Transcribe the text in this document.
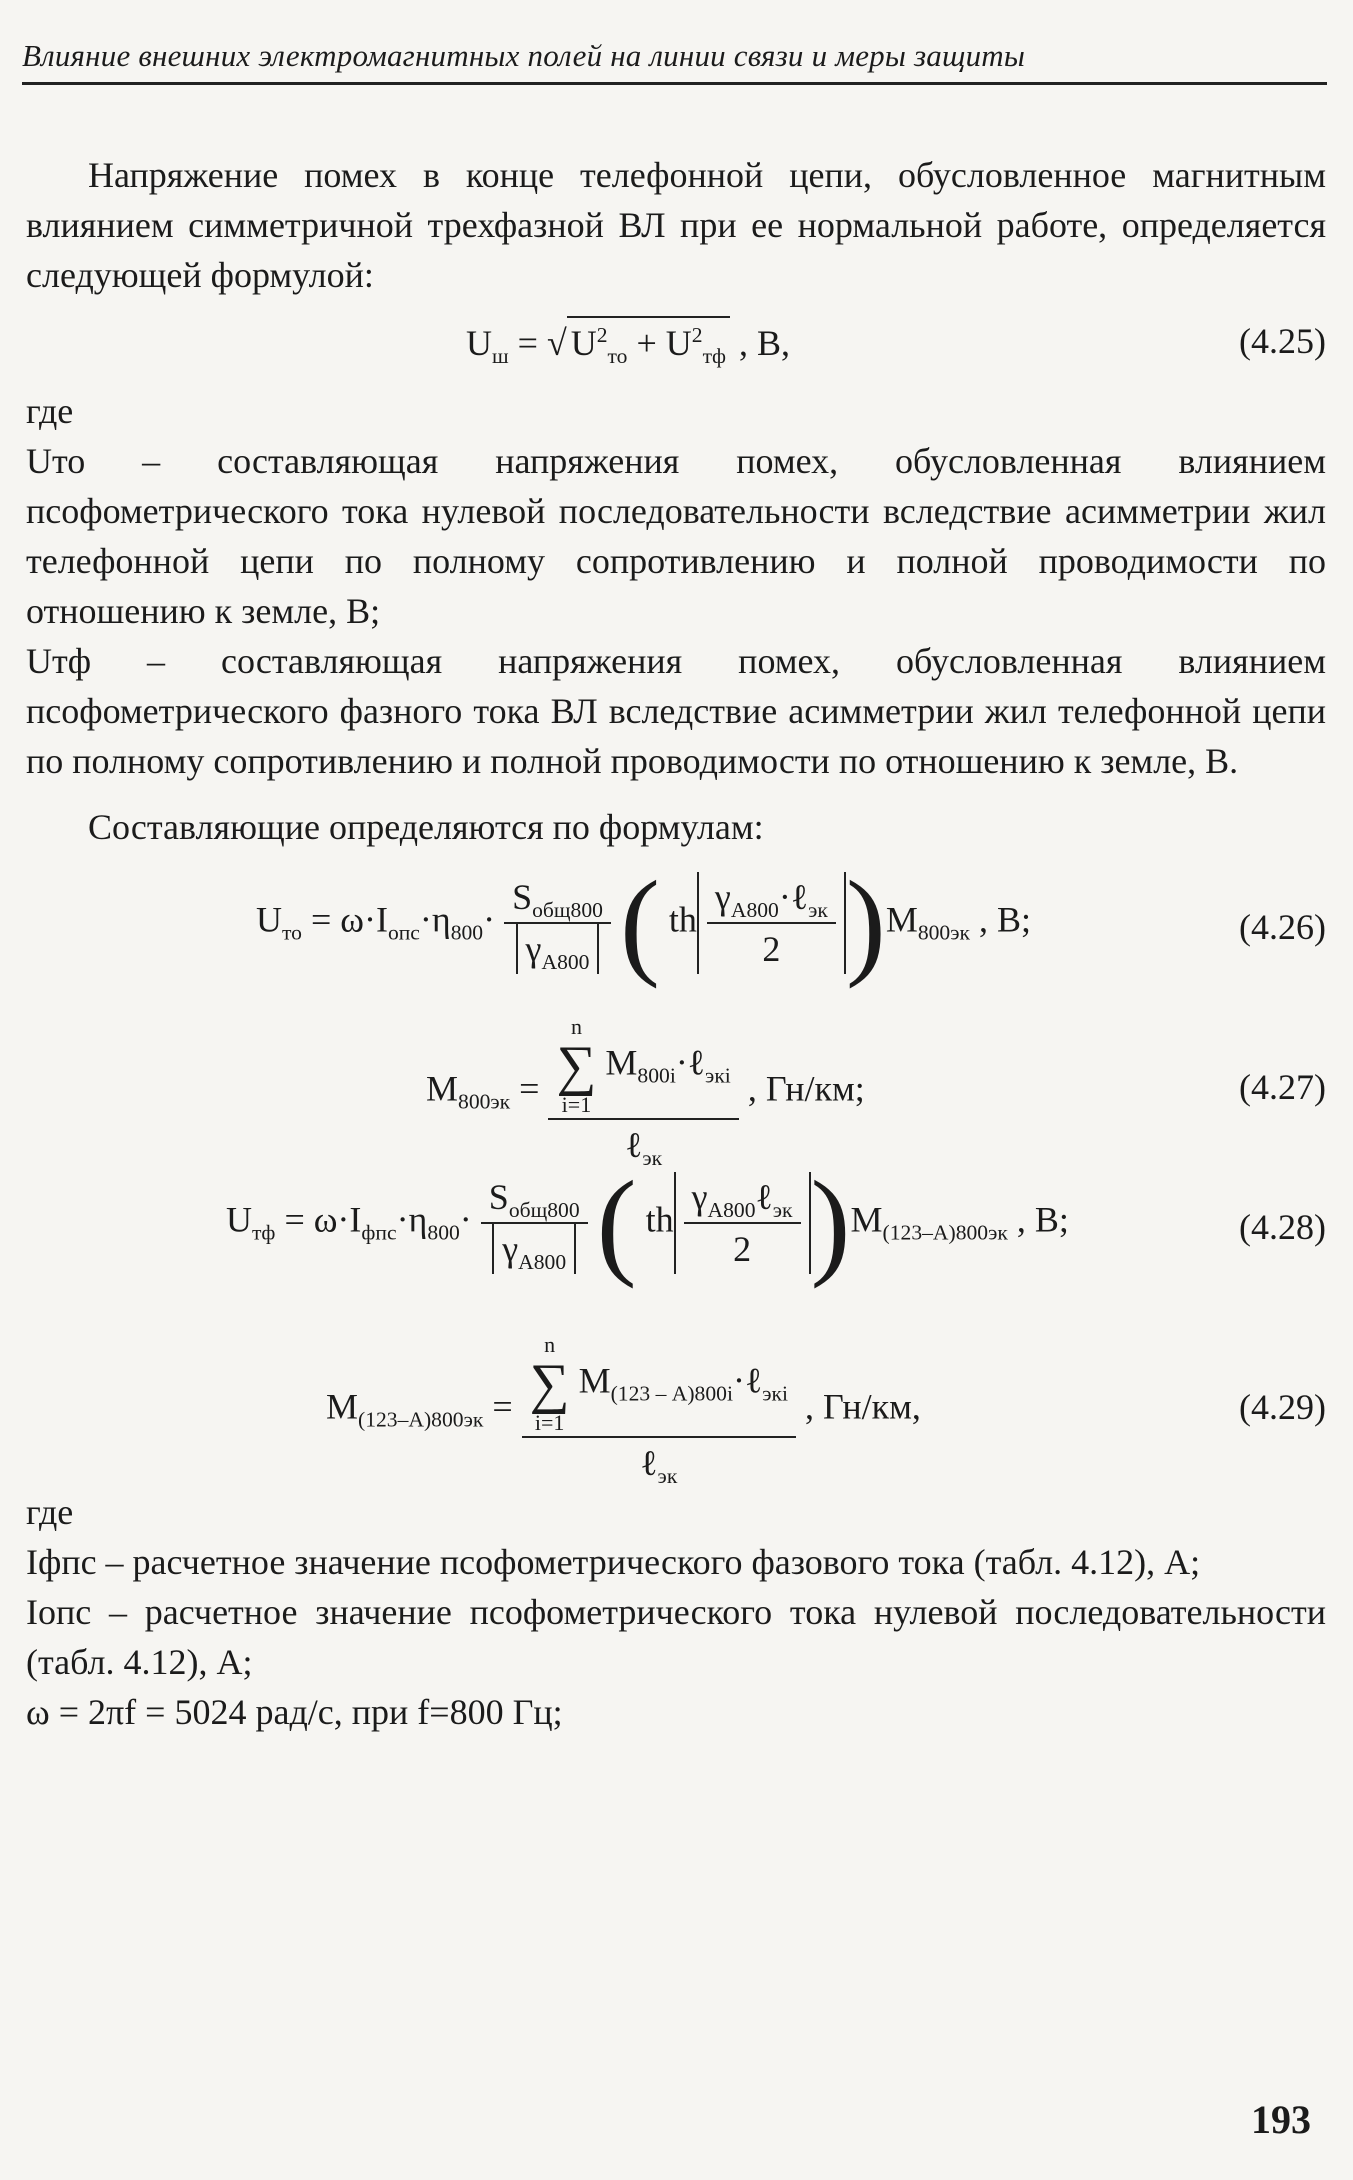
Влияние внешних электромагнитных полей на линии связи и меры защиты

Напряжение помех в конце телефонной цепи, обусловленное магнитным влиянием симметричной трехфазной ВЛ при ее нормальной работе, определяется следующей формулой:

$U_ш$ = √ $U^2_{то} + U^2_{тф}$ , В,	(4.25)

где

Uто – составляющая напряжения помех, обусловленная влиянием псофометрического тока нулевой последовательности вследствие асимметрии жил телефонной цепи по полному сопротивлению и полной проводимости по отношению к земле, В;

Uтф – составляющая напряжения помех, обусловленная влиянием псофометрического фазного тока ВЛ вследствие асимметрии жил телефонной цепи по полному сопротивлению и полной проводимости по отношению к земле, В.

Составляющие определяются по формулам:

$U_{то} = \omega\cdot I_{опс}\cdot\eta_{800}\cdot \frac{S_{общ800}}{\gamma_{A800}}$ ( th $\frac{\gamma_{A800}\cdot\ell_{эк}}{2} )M_{800эк}$ , В;	(4.26)
$M_{800эк} = n$
∑
i=1
$M_{800i}\cdot\ell_{экi}$
ℓ$_{эк}$ , Гн/км;	(4.27)
$U_{тф} = \omega\cdot I_{фпс}\cdot\eta_{800}\cdot \frac{S_{общ800}}{\gamma_{A800}}$ ( th $\frac{\gamma_{A800}\ell_{эк}}{2} )M_{(123-А)800эк}$ , В;	(4.28)
$M_{(123-А)800эк} = n$
∑
i=1
$M_{(123 - А)800i}\cdot\ell_{экi}$
ℓ$_{эк}$ , Гн/км,	(4.29)

где

Iфпс – расчетное значение псофометрического фазового тока (табл. 4.12), А;

Iопс – расчетное значение псофометрического тока нулевой последовательности (табл. 4.12), А;

ω = 2πf = 5024 рад/с, при f=800 Гц;

193
